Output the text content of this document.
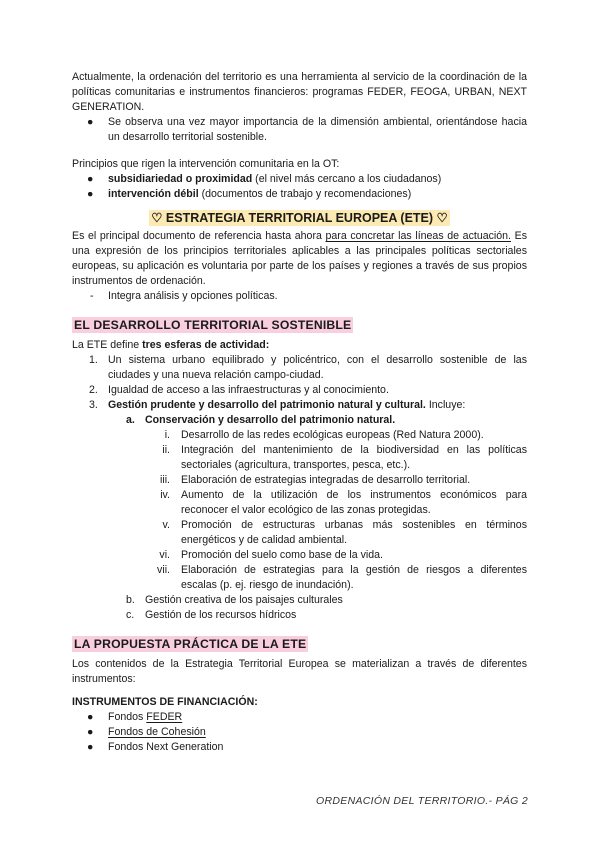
Actualmente, la ordenación del territorio es una herramienta al servicio de la coordinación de la políticas comunitarias e instrumentos financieros: programas FEDER, FEOGA, URBAN, NEXT GENERATION.

● Se observa una vez mayor importancia de la dimensión ambiental, orientándose hacia un desarrollo territorial sostenible.

Principios que rigen la intervención comunitaria en la OT:

● subsidiariedad o proximidad (el nivel más cercano a los ciudadanos)
● intervención débil (documentos de trabajo y recomendaciones)
♡ ESTRATEGIA TERRITORIAL EUROPEA (ETE) ♡

Es el principal documento de referencia hasta ahora para concretar las líneas de actuación. Es una expresión de los principios territoriales aplicables a las principales políticas sectoriales europeas, su aplicación es voluntaria por parte de los países y regiones a través de sus propios instrumentos de ordenación.

- Integra análisis y opciones políticas.
EL DESARROLLO TERRITORIAL SOSTENIBLE

La ETE define tres esferas de actividad:

1. Un sistema urbano equilibrado y policéntrico, con el desarrollo sostenible de las ciudades y una nueva relación campo-ciudad.
2. Igualdad de acceso a las infraestructuras y al conocimiento.
3. Gestión prudente y desarrollo del patrimonio natural y cultural. Incluye:
a. Conservación y desarrollo del patrimonio natural.
i. Desarrollo de las redes ecológicas europeas (Red Natura 2000).
ii. Integración del mantenimiento de la biodiversidad en las políticas sectoriales (agricultura, transportes, pesca, etc.).
iii. Elaboración de estrategias integradas de desarrollo territorial.
iv. Aumento de la utilización de los instrumentos económicos para reconocer el valor ecológico de las zonas protegidas.
v. Promoción de estructuras urbanas más sostenibles en términos energéticos y de calidad ambiental.
vi. Promoción del suelo como base de la vida.
vii. Elaboración de estrategias para la gestión de riesgos a diferentes escalas (p. ej. riesgo de inundación).
b. Gestión creativa de los paisajes culturales
c. Gestión de los recursos hídricos
LA PROPUESTA PRÁCTICA DE LA ETE

Los contenidos de la Estrategia Territorial Europea se materializan a través de diferentes instrumentos:

INSTRUMENTOS DE FINANCIACIÓN:

● Fondos FEDER
● Fondos de Cohesión
● Fondos Next Generation
ORDENACIÓN DEL TERRITORIO.- PÁG 2
